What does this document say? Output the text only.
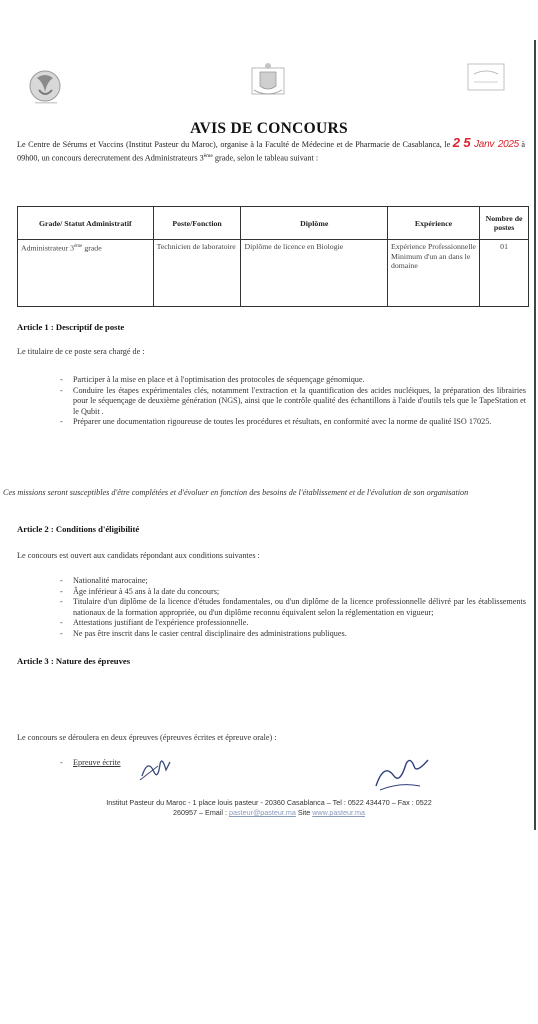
AVIS DE CONCOURS
Le Centre de Sérums et Vaccins (Institut Pasteur du Maroc), organise à la Faculté de Médecine et de Pharmacie de Casablanca, le 2 5 Janv 2025 à 09h00, un concours derecrutement des Administrateurs 3ème grade, selon le tableau suivant :
Grade/ Statut Administratif	Poste/Fonction	Diplôme	Expérience	Nombre de postes
Administrateur 3ème grade	Technicien de laboratoire	Diplôme de licence en Biologie	Expérience Professionnelle Minimum d'un an dans le domaine	01
Article 1 : Descriptif de poste
Le titulaire de ce poste sera chargé de :
- Participer à la mise en place et à l'optimisation des protocoles de séquençage génomique.
- Conduire les étapes expérimentales clés, notamment l'extraction et la quantification des acides nucléiques, la préparation des librairies pour le séquençage de deuxième génération (NGS), ainsi que le contrôle qualité des échantillons à l'aide d'outils tels que le TapeStation et le Qubit .
- Préparer une documentation rigoureuse de toutes les procédures et résultats, en conformité avec la norme de qualité ISO 17025.
Ces missions seront susceptibles d'être complétées et d'évoluer en fonction des besoins de l'établissement et de l'évolution de son organisation
Article 2 : Conditions d'éligibilité
Le concours est ouvert aux candidats répondant aux conditions suivantes :
- Nationalité marocaine;
- Âge inférieur à 45 ans à la date du concours;
- Titulaire d'un diplôme de la licence d'études fondamentales, ou d'un diplôme de la licence professionnelle délivré par les établissements nationaux de la formation appropriée, ou d'un diplôme reconnu équivalent selon la réglementation en vigueur;
- Attestations justifiant de l'expérience professionnelle.
- Ne pas être inscrit dans le casier central disciplinaire des administrations publiques.
Article 3 : Nature des épreuves
Le concours se déroulera en deux épreuves (épreuves écrites et épreuve orale) :
- Epreuve écrite
Institut Pasteur du Maroc - 1 place louis pasteur - 20360 Casablanca – Tel : 0522 434470 – Fax : 0522
260957 – Email : pasteur@pasteur.ma Site www.pasteur.ma
